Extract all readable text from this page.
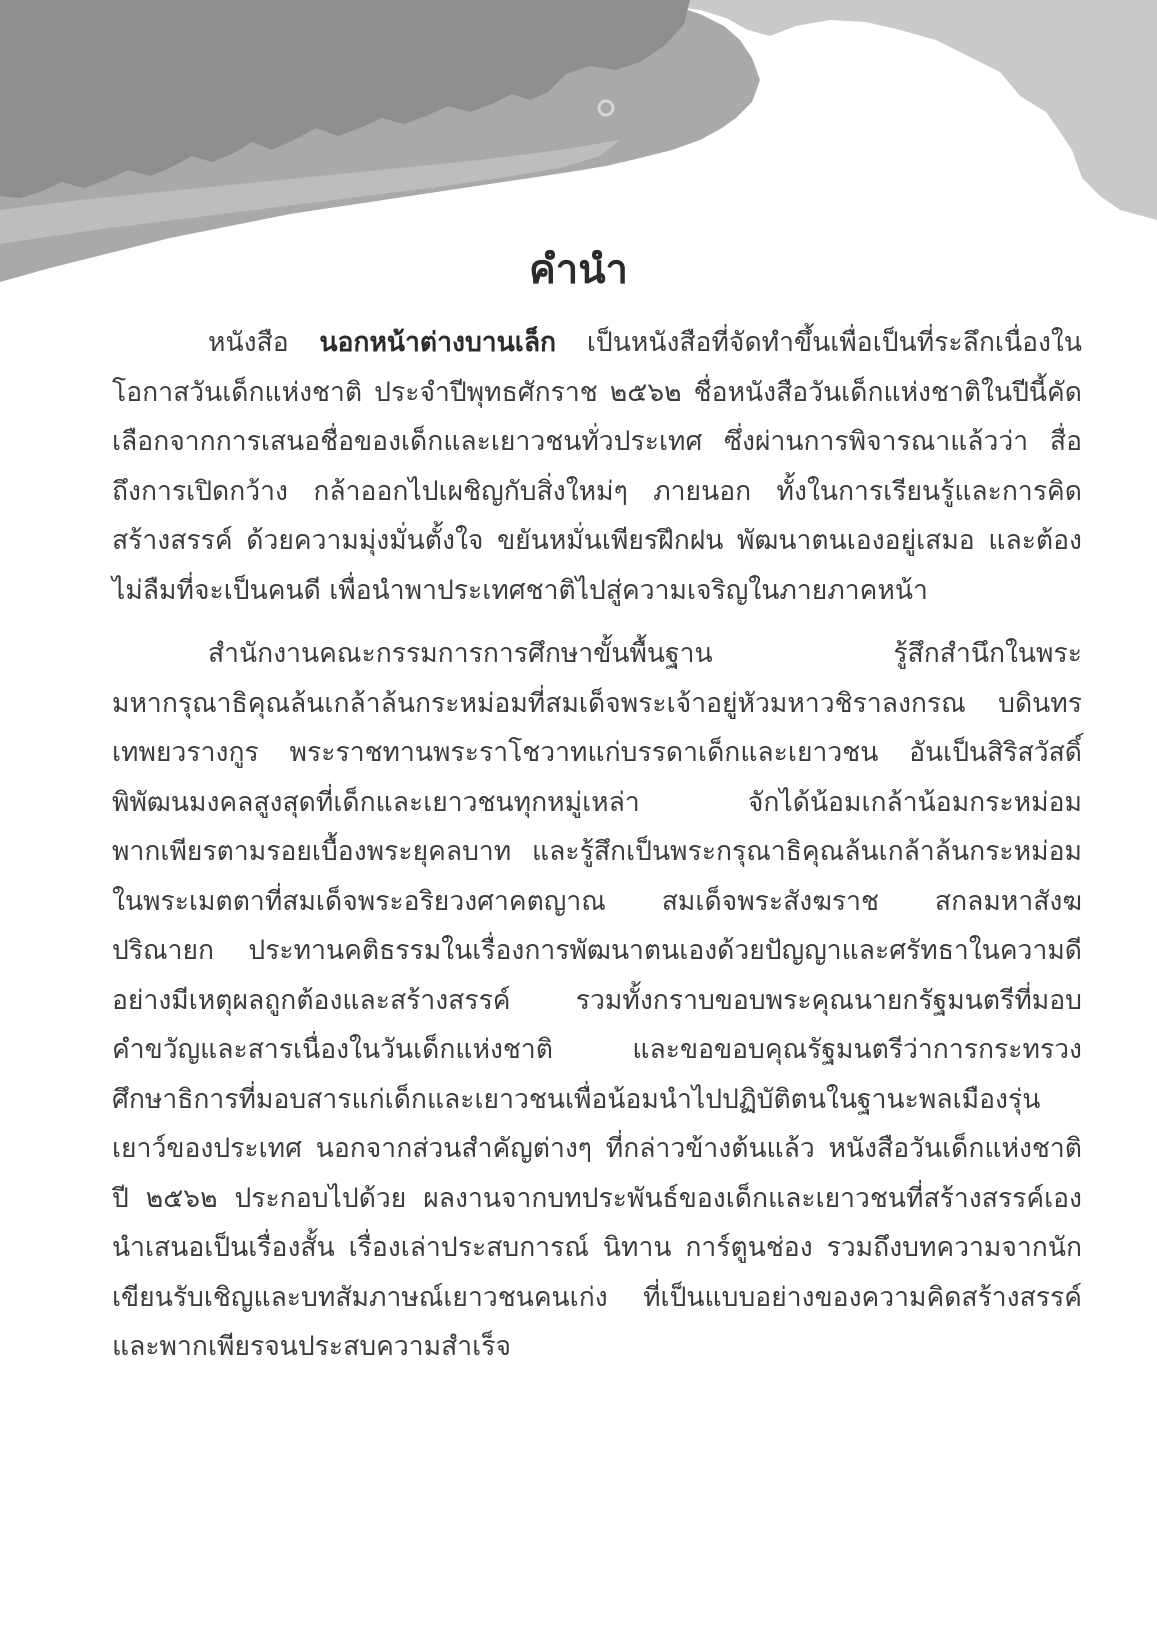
คำนำ

หนังสือ นอกหน้าต่างบานเล็ก เป็นหนังสือที่จัดทำขึ้นเพื่อเป็นที่ระลึกเนื่องในโอกาสวันเด็กแห่งชาติ ประจำปีพุทธศักราช ๒๕๖๒ ชื่อหนังสือวันเด็กแห่งชาติในปีนี้คัดเลือกจากการเสนอชื่อของเด็กและเยาวชนทั่วประเทศ ซึ่งผ่านการพิจารณาแล้วว่า สื่อถึงการเปิดกว้าง กล้าออกไปเผชิญกับสิ่งใหม่ๆ ภายนอก ทั้งในการเรียนรู้และการคิดสร้างสรรค์ ด้วยความมุ่งมั่นตั้งใจ ขยันหมั่นเพียรฝึกฝน พัฒนาตนเองอยู่เสมอ และต้องไม่ลืมที่จะเป็นคนดี เพื่อนำพาประเทศชาติไปสู่ความเจริญในภายภาคหน้า

สำนักงานคณะกรรมการการศึกษาขั้นพื้นฐาน รู้สึกสำนึกในพระมหากรุณาธิคุณล้นเกล้าล้นกระหม่อมที่สมเด็จพระเจ้าอยู่หัวมหาวชิราลงกรณ บดินทรเทพยวรางกูร พระราชทานพระราโชวาทแก่บรรดาเด็กและเยาวชน อันเป็นสิริสวัสดิ์พิพัฒนมงคลสูงสุดที่เด็กและเยาวชนทุกหมู่เหล่า จักได้น้อมเกล้าน้อมกระหม่อมพากเพียรตามรอยเบื้องพระยุคลบาท และรู้สึกเป็นพระกรุณาธิคุณล้นเกล้าล้นกระหม่อมในพระเมตตาที่สมเด็จพระอริยวงศาคตญาณ สมเด็จพระสังฆราช สกลมหาสังฆปริณายก ประทานคติธรรมในเรื่องการพัฒนาตนเองด้วยปัญญาและศรัทธาในความดีอย่างมีเหตุผลถูกต้องและสร้างสรรค์ รวมทั้งกราบขอบพระคุณนายกรัฐมนตรีที่มอบคำขวัญและสารเนื่องในวันเด็กแห่งชาติ และขอขอบคุณรัฐมนตรีว่าการกระทรวงศึกษาธิการที่มอบสารแก่เด็กและเยาวชนเพื่อน้อมนำไปปฏิบัติตนในฐานะพลเมืองรุ่นเยาว์ของประเทศ นอกจากส่วนสำคัญต่างๆ ที่กล่าวข้างต้นแล้ว หนังสือวันเด็กแห่งชาติปี ๒๕๖๒ ประกอบไปด้วย ผลงานจากบทประพันธ์ของเด็กและเยาวชนที่สร้างสรรค์เองนำเสนอเป็นเรื่องสั้น เรื่องเล่าประสบการณ์ นิทาน การ์ตูนช่อง รวมถึงบทความจากนักเขียนรับเชิญและบทสัมภาษณ์เยาวชนคนเก่ง ที่เป็นแบบอย่างของความคิดสร้างสรรค์และพากเพียรจนประสบความสำเร็จ
